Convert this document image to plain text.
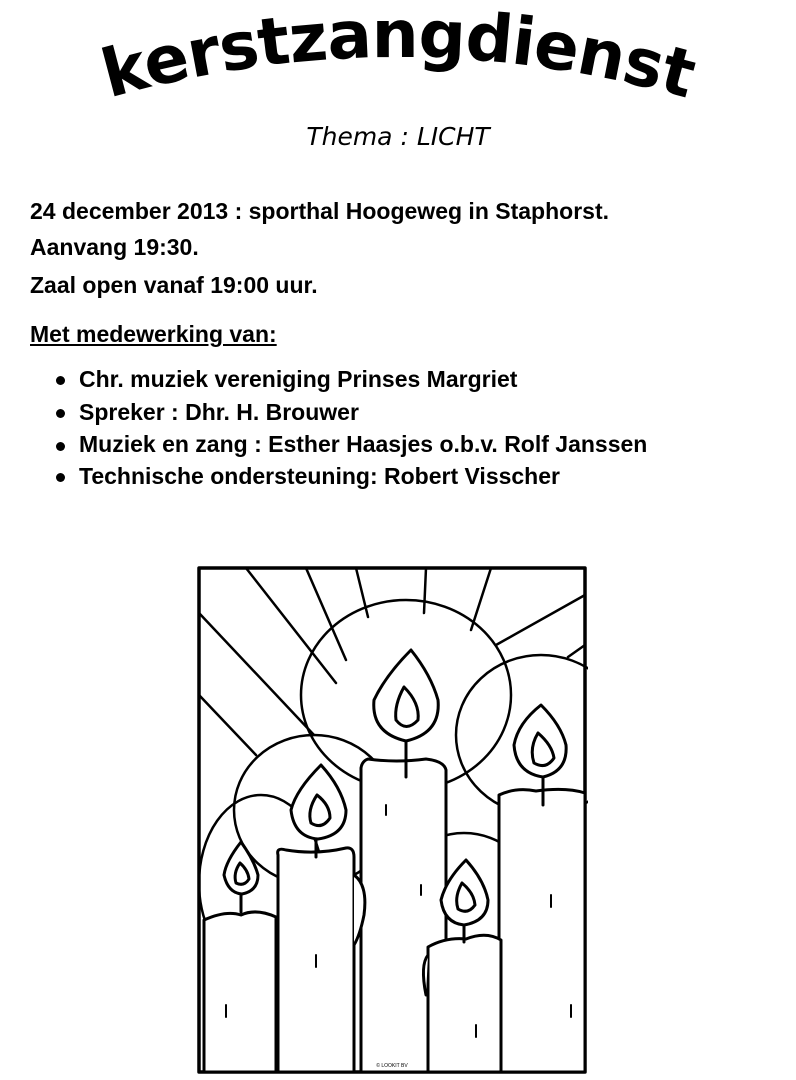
kerstzangdienst
Thema : LICHT
24 december 2013 : sporthal Hoogeweg in Staphorst.
Aanvang 19:30.
Zaal open vanaf 19:00 uur.
Met medewerking van:
Chr. muziek vereniging Prinses Margriet
Spreker : Dhr. H. Brouwer
Muziek en zang : Esther Haasjes o.b.v. Rolf Janssen
Technische ondersteuning: Robert Visscher
© LOOKIT BV
